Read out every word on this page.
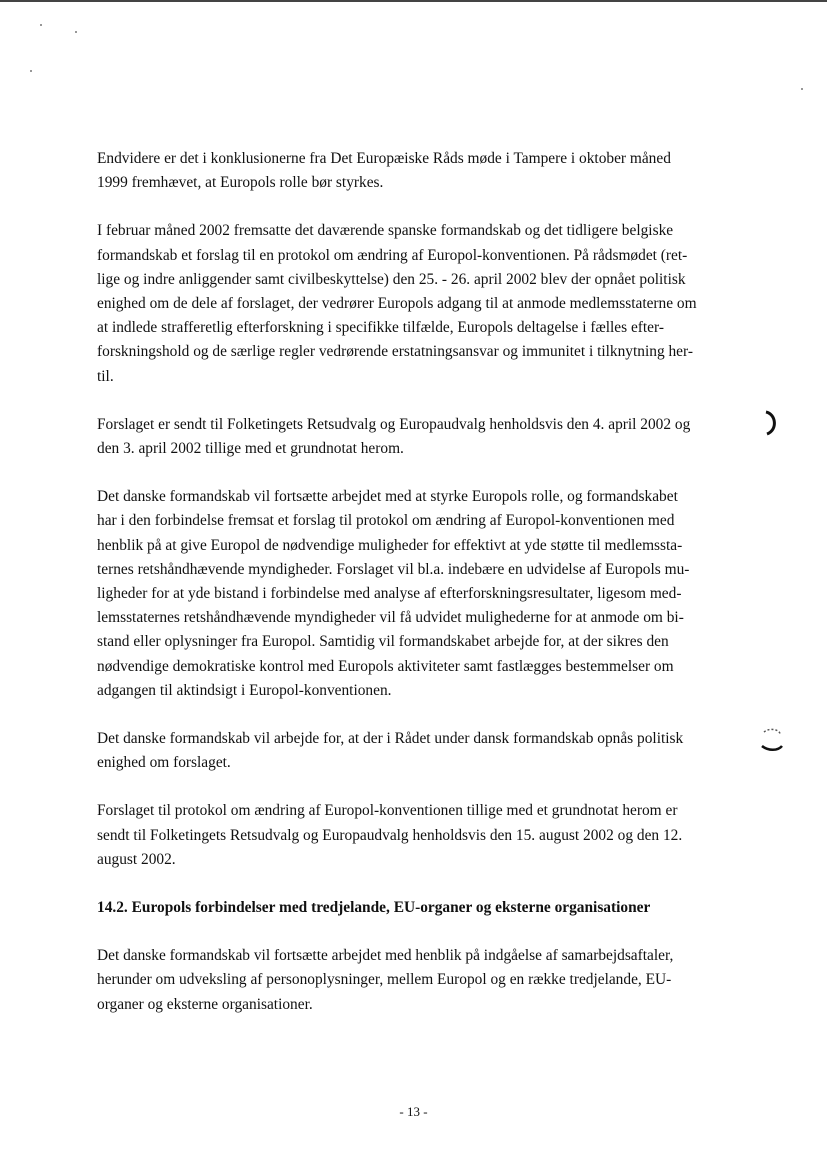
Endvidere er det i konklusionerne fra Det Europæiske Råds møde i Tampere i oktober måned
1999 fremhævet, at Europols rolle bør styrkes.

I februar måned 2002 fremsatte det daværende spanske formandskab og det tidligere belgiske
formandskab et forslag til en protokol om ændring af Europol-konventionen. På rådsmødet (ret-
lige og indre anliggender samt civilbeskyttelse) den 25. - 26. april 2002 blev der opnået politisk
enighed om de dele af forslaget, der vedrører Europols adgang til at anmode medlemsstaterne om
at indlede strafferetlig efterforskning i specifikke tilfælde, Europols deltagelse i fælles efter-
forskningshold og de særlige regler vedrørende erstatningsansvar og immunitet i tilknytning her-
til.

Forslaget er sendt til Folketingets Retsudvalg og Europaudvalg henholdsvis den 4. april 2002 og
den 3. april 2002 tillige med et grundnotat herom.

Det danske formandskab vil fortsætte arbejdet med at styrke Europols rolle, og formandskabet
har i den forbindelse fremsat et forslag til protokol om ændring af Europol-konventionen med
henblik på at give Europol de nødvendige muligheder for effektivt at yde støtte til medlemssta-
ternes retshåndhævende myndigheder. Forslaget vil bl.a. indebære en udvidelse af Europols mu-
ligheder for at yde bistand i forbindelse med analyse af efterforskningsresultater, ligesom med-
lemsstaternes retshåndhævende myndigheder vil få udvidet mulighederne for at anmode om bi-
stand eller oplysninger fra Europol. Samtidig vil formandskabet arbejde for, at der sikres den
nødvendige demokratiske kontrol med Europols aktiviteter samt fastlægges bestemmelser om
adgangen til aktindsigt i Europol-konventionen.

Det danske formandskab vil arbejde for, at der i Rådet under dansk formandskab opnås politisk
enighed om forslaget.

Forslaget til protokol om ændring af Europol-konventionen tillige med et grundnotat herom er
sendt til Folketingets Retsudvalg og Europaudvalg henholdsvis den 15. august 2002 og den 12.
august 2002.

14.2. Europols forbindelser med tredjelande, EU-organer og eksterne organisationer

Det danske formandskab vil fortsætte arbejdet med henblik på indgåelse af samarbejdsaftaler,
herunder om udveksling af personoplysninger, mellem Europol og en række tredjelande, EU-
organer og eksterne organisationer.

- 13 -
